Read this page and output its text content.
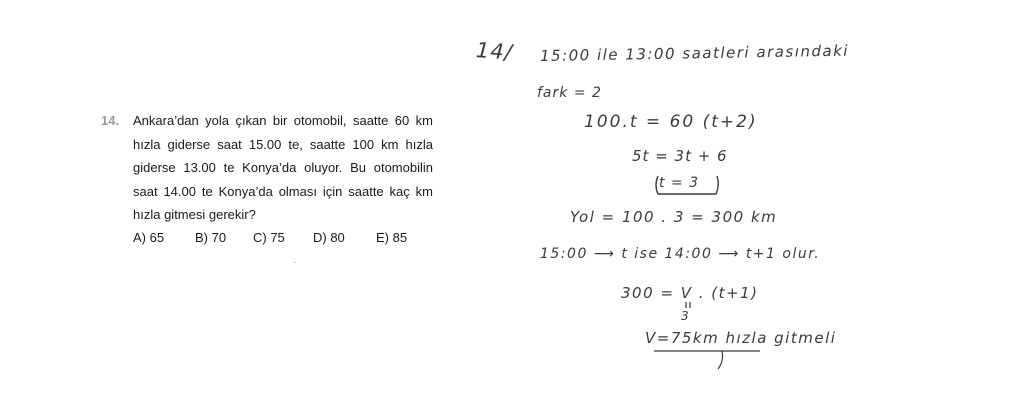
14. Ankara’dan yola çıkan bir otomobil, saatte 60 km
hızla giderse saat 15.00 te, saatte 100 km hızla
giderse 13.00 te Konya’da oluyor. Bu otomobilin
saat 14.00 te Konya’da olması için saatte kaç km
hızla gitmesi gerekir?

A) 65 B) 70 C) 75 D) 80 E) 85
14/ 15:00 ile 13:00 saatleri arasındaki
fark = 2
100.t = 60 (t+2)
5t = 3t + 6
t = 3
Yol = 100 . 3 = 300 km
15:00 ⟶ t ise 14:00 ⟶ t+1 olur.
300 = V . (t+1)
3
V=75km hızla gitmeli
